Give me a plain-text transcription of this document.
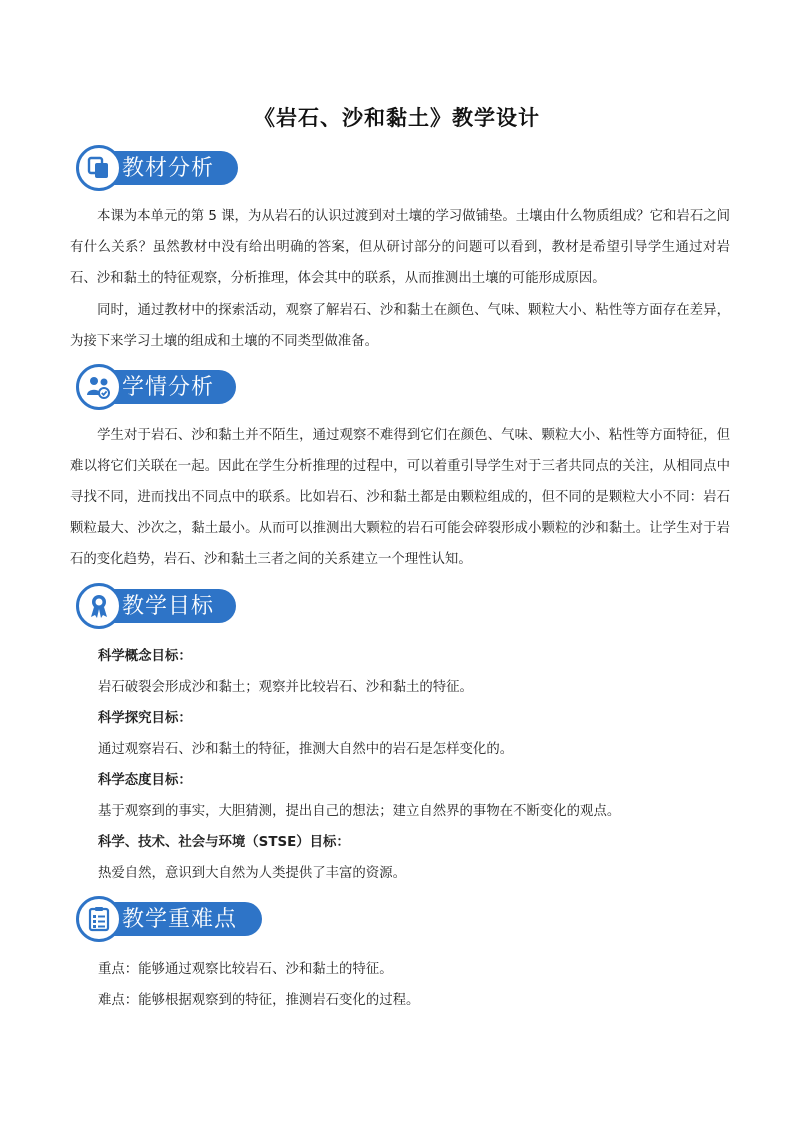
《岩石、沙和黏土》教学设计
教材分析
本课为本单元的第 5 课，为从岩石的认识过渡到对土壤的学习做铺垫。土壤由什么物质组成？它和岩石之间有什么关系？虽然教材中没有给出明确的答案，但从研讨部分的问题可以看到，教材是希望引导学生通过对岩石、沙和黏土的特征观察，分析推理，体会其中的联系，从而推测出土壤的可能形成原因。
同时，通过教材中的探索活动，观察了解岩石、沙和黏土在颜色、气味、颗粒大小、粘性等方面存在差异，为接下来学习土壤的组成和土壤的不同类型做准备。
学情分析
学生对于岩石、沙和黏土并不陌生，通过观察不难得到它们在颜色、气味、颗粒大小、粘性等方面特征，但难以将它们关联在一起。因此在学生分析推理的过程中，可以着重引导学生对于三者共同点的关注，从相同点中寻找不同，进而找出不同点中的联系。比如岩石、沙和黏土都是由颗粒组成的，但不同的是颗粒大小不同：岩石颗粒最大、沙次之，黏土最小。从而可以推测出大颗粒的岩石可能会碎裂形成小颗粒的沙和黏土。让学生对于岩石的变化趋势，岩石、沙和黏土三者之间的关系建立一个理性认知。
教学目标
科学概念目标：
岩石破裂会形成沙和黏土；观察并比较岩石、沙和黏土的特征。
科学探究目标：
通过观察岩石、沙和黏土的特征，推测大自然中的岩石是怎样变化的。
科学态度目标：
基于观察到的事实，大胆猜测，提出自己的想法；建立自然界的事物在不断变化的观点。
科学、技术、社会与环境（STSE）目标：
热爱自然，意识到大自然为人类提供了丰富的资源。
教学重难点
重点：能够通过观察比较岩石、沙和黏土的特征。
难点：能够根据观察到的特征，推测岩石变化的过程。
